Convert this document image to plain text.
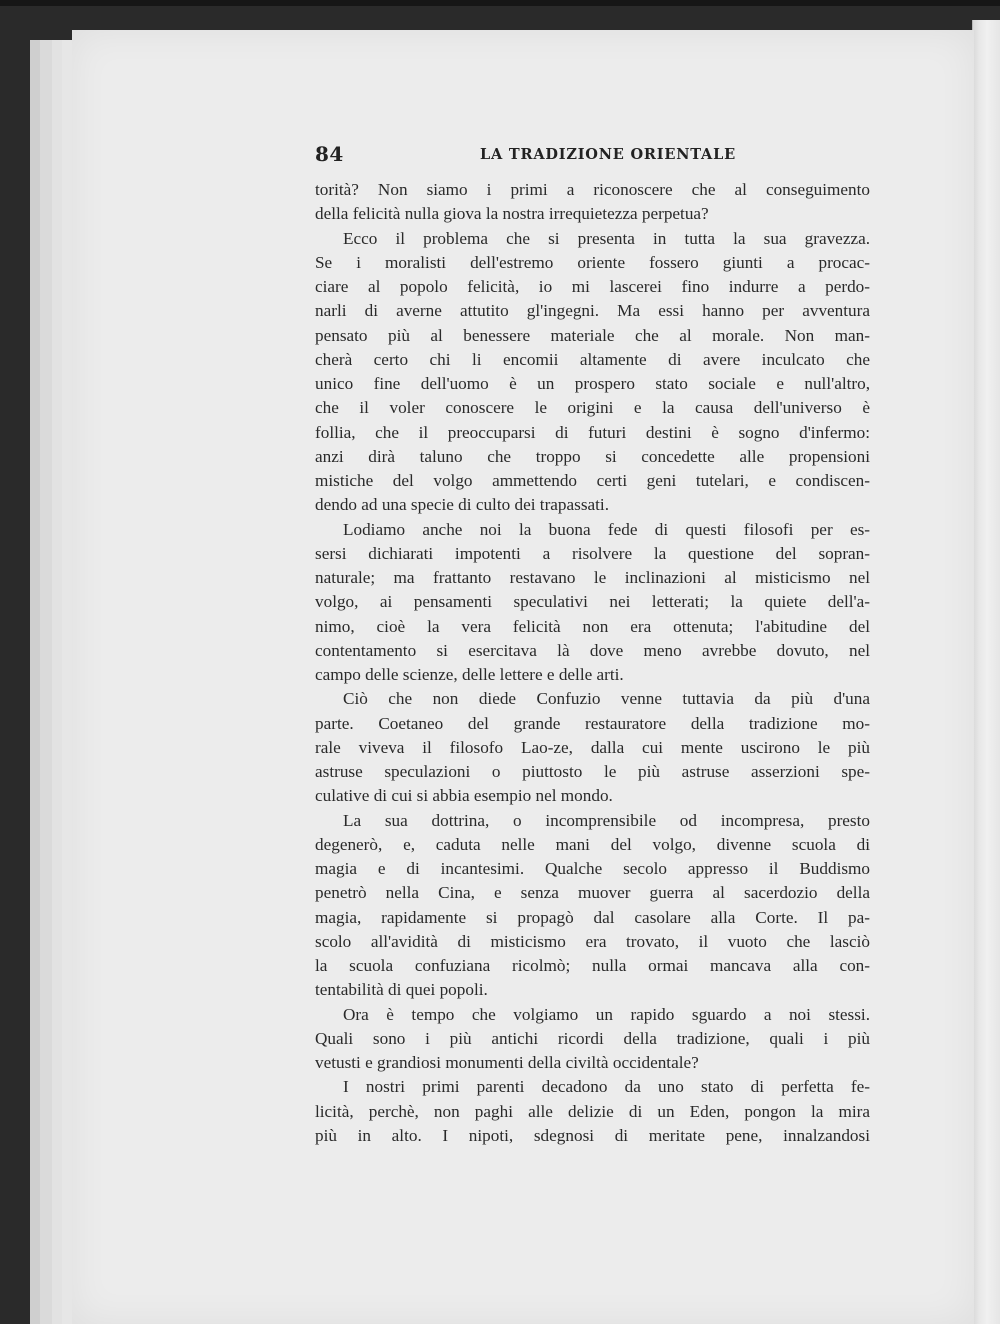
84	LA TRADIZIONE ORIENTALE
torità? Non siamo i primi a riconoscere che al conseguimento
della felicità nulla giova la nostra irrequietezza perpetua?
Ecco il problema che si presenta in tutta la sua gravezza.
Se i moralisti dell'estremo oriente fossero giunti a procac-
ciare al popolo felicità, io mi lascerei fino indurre a perdo-
narli di averne attutito gl'ingegni. Ma essi hanno per avventura
pensato più al benessere materiale che al morale. Non man-
cherà certo chi li encomii altamente di avere inculcato che
unico fine dell'uomo è un prospero stato sociale e null'altro,
che il voler conoscere le origini e la causa dell'universo è
follia, che il preoccuparsi di futuri destini è sogno d'infermo:
anzi dirà taluno che troppo si concedette alle propensioni
mistiche del volgo ammettendo certi geni tutelari, e condiscen-
dendo ad una specie di culto dei trapassati.
Lodiamo anche noi la buona fede di questi filosofi per es-
sersi dichiarati impotenti a risolvere la questione del sopran-
naturale; ma frattanto restavano le inclinazioni al misticismo nel
volgo, ai pensamenti speculativi nei letterati; la quiete dell'a-
nimo, cioè la vera felicità non era ottenuta; l'abitudine del
contentamento si esercitava là dove meno avrebbe dovuto, nel
campo delle scienze, delle lettere e delle arti.
Ciò che non diede Confuzio venne tuttavia da più d'una
parte. Coetaneo del grande restauratore della tradizione mo-
rale viveva il filosofo Lao-ze, dalla cui mente uscirono le più
astruse speculazioni o piuttosto le più astruse asserzioni spe-
culative di cui si abbia esempio nel mondo.
La sua dottrina, o incomprensibile od incompresa, presto
degenerò, e, caduta nelle mani del volgo, divenne scuola di
magia e di incantesimi. Qualche secolo appresso il Buddismo
penetrò nella Cina, e senza muover guerra al sacerdozio della
magia, rapidamente si propagò dal casolare alla Corte. Il pa-
scolo all'avidità di misticismo era trovato, il vuoto che lasciò
la scuola confuziana ricolmò; nulla ormai mancava alla con-
tentabilità di quei popoli.
Ora è tempo che volgiamo un rapido sguardo a noi stessi.
Quali sono i più antichi ricordi della tradizione, quali i più
vetusti e grandiosi monumenti della civiltà occidentale?
I nostri primi parenti decadono da uno stato di perfetta fe-
licità, perchè, non paghi alle delizie di un Eden, pongon la mira
più in alto. I nipoti, sdegnosi di meritate pene, innalzandosi
